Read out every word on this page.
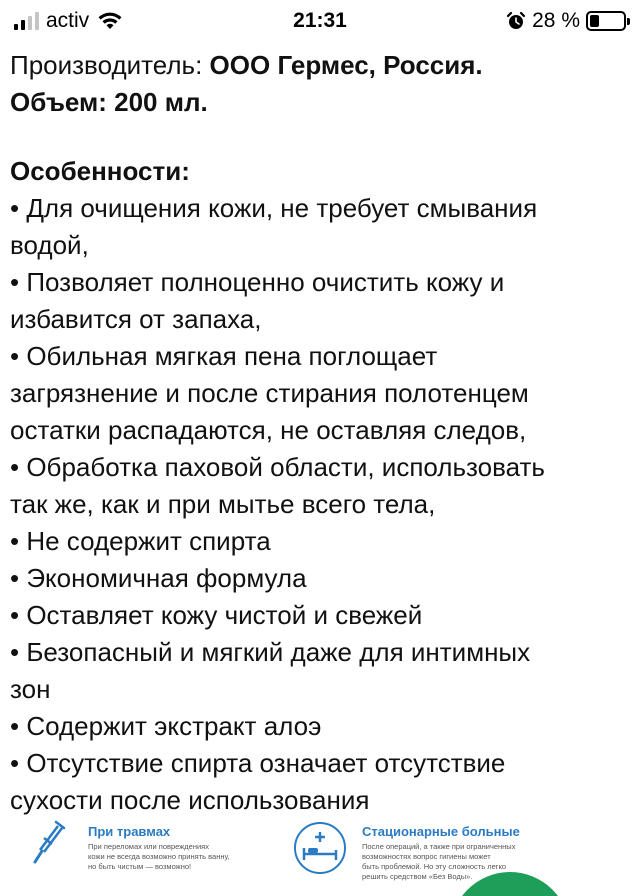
activ	21:31	28 %
Производитель: ООО Гермес, Россия.
Объем: 200 мл.
Особенности:
• Для очищения кожи, не требует смывания
водой,
• Позволяет полноценно очистить кожу и
избавится от запаха,
• Обильная мягкая пена поглощает
загрязнение и после стирания полотенцем
остатки распадаются, не оставляя следов,
• Обработка паховой области, использовать
так же, как и при мытье всего тела,
• Не содержит спирта
• Экономичная формула
• Оставляет кожу чистой и свежей
• Безопасный и мягкий даже для интимных
зон
• Содержит экстракт алоэ
• Отсутствие спирта означает отсутствие
сухости после использования
При травмах
При переломах или повреждениях
кожи не всегда возможно принять ванну,
но быть чистым — возможно!
Стационарные больные
После операций, а также при ограниченных
возможностях вопрос гигиены может
быть проблемой. Но эту сложность легко
решить средством «Без Воды».
